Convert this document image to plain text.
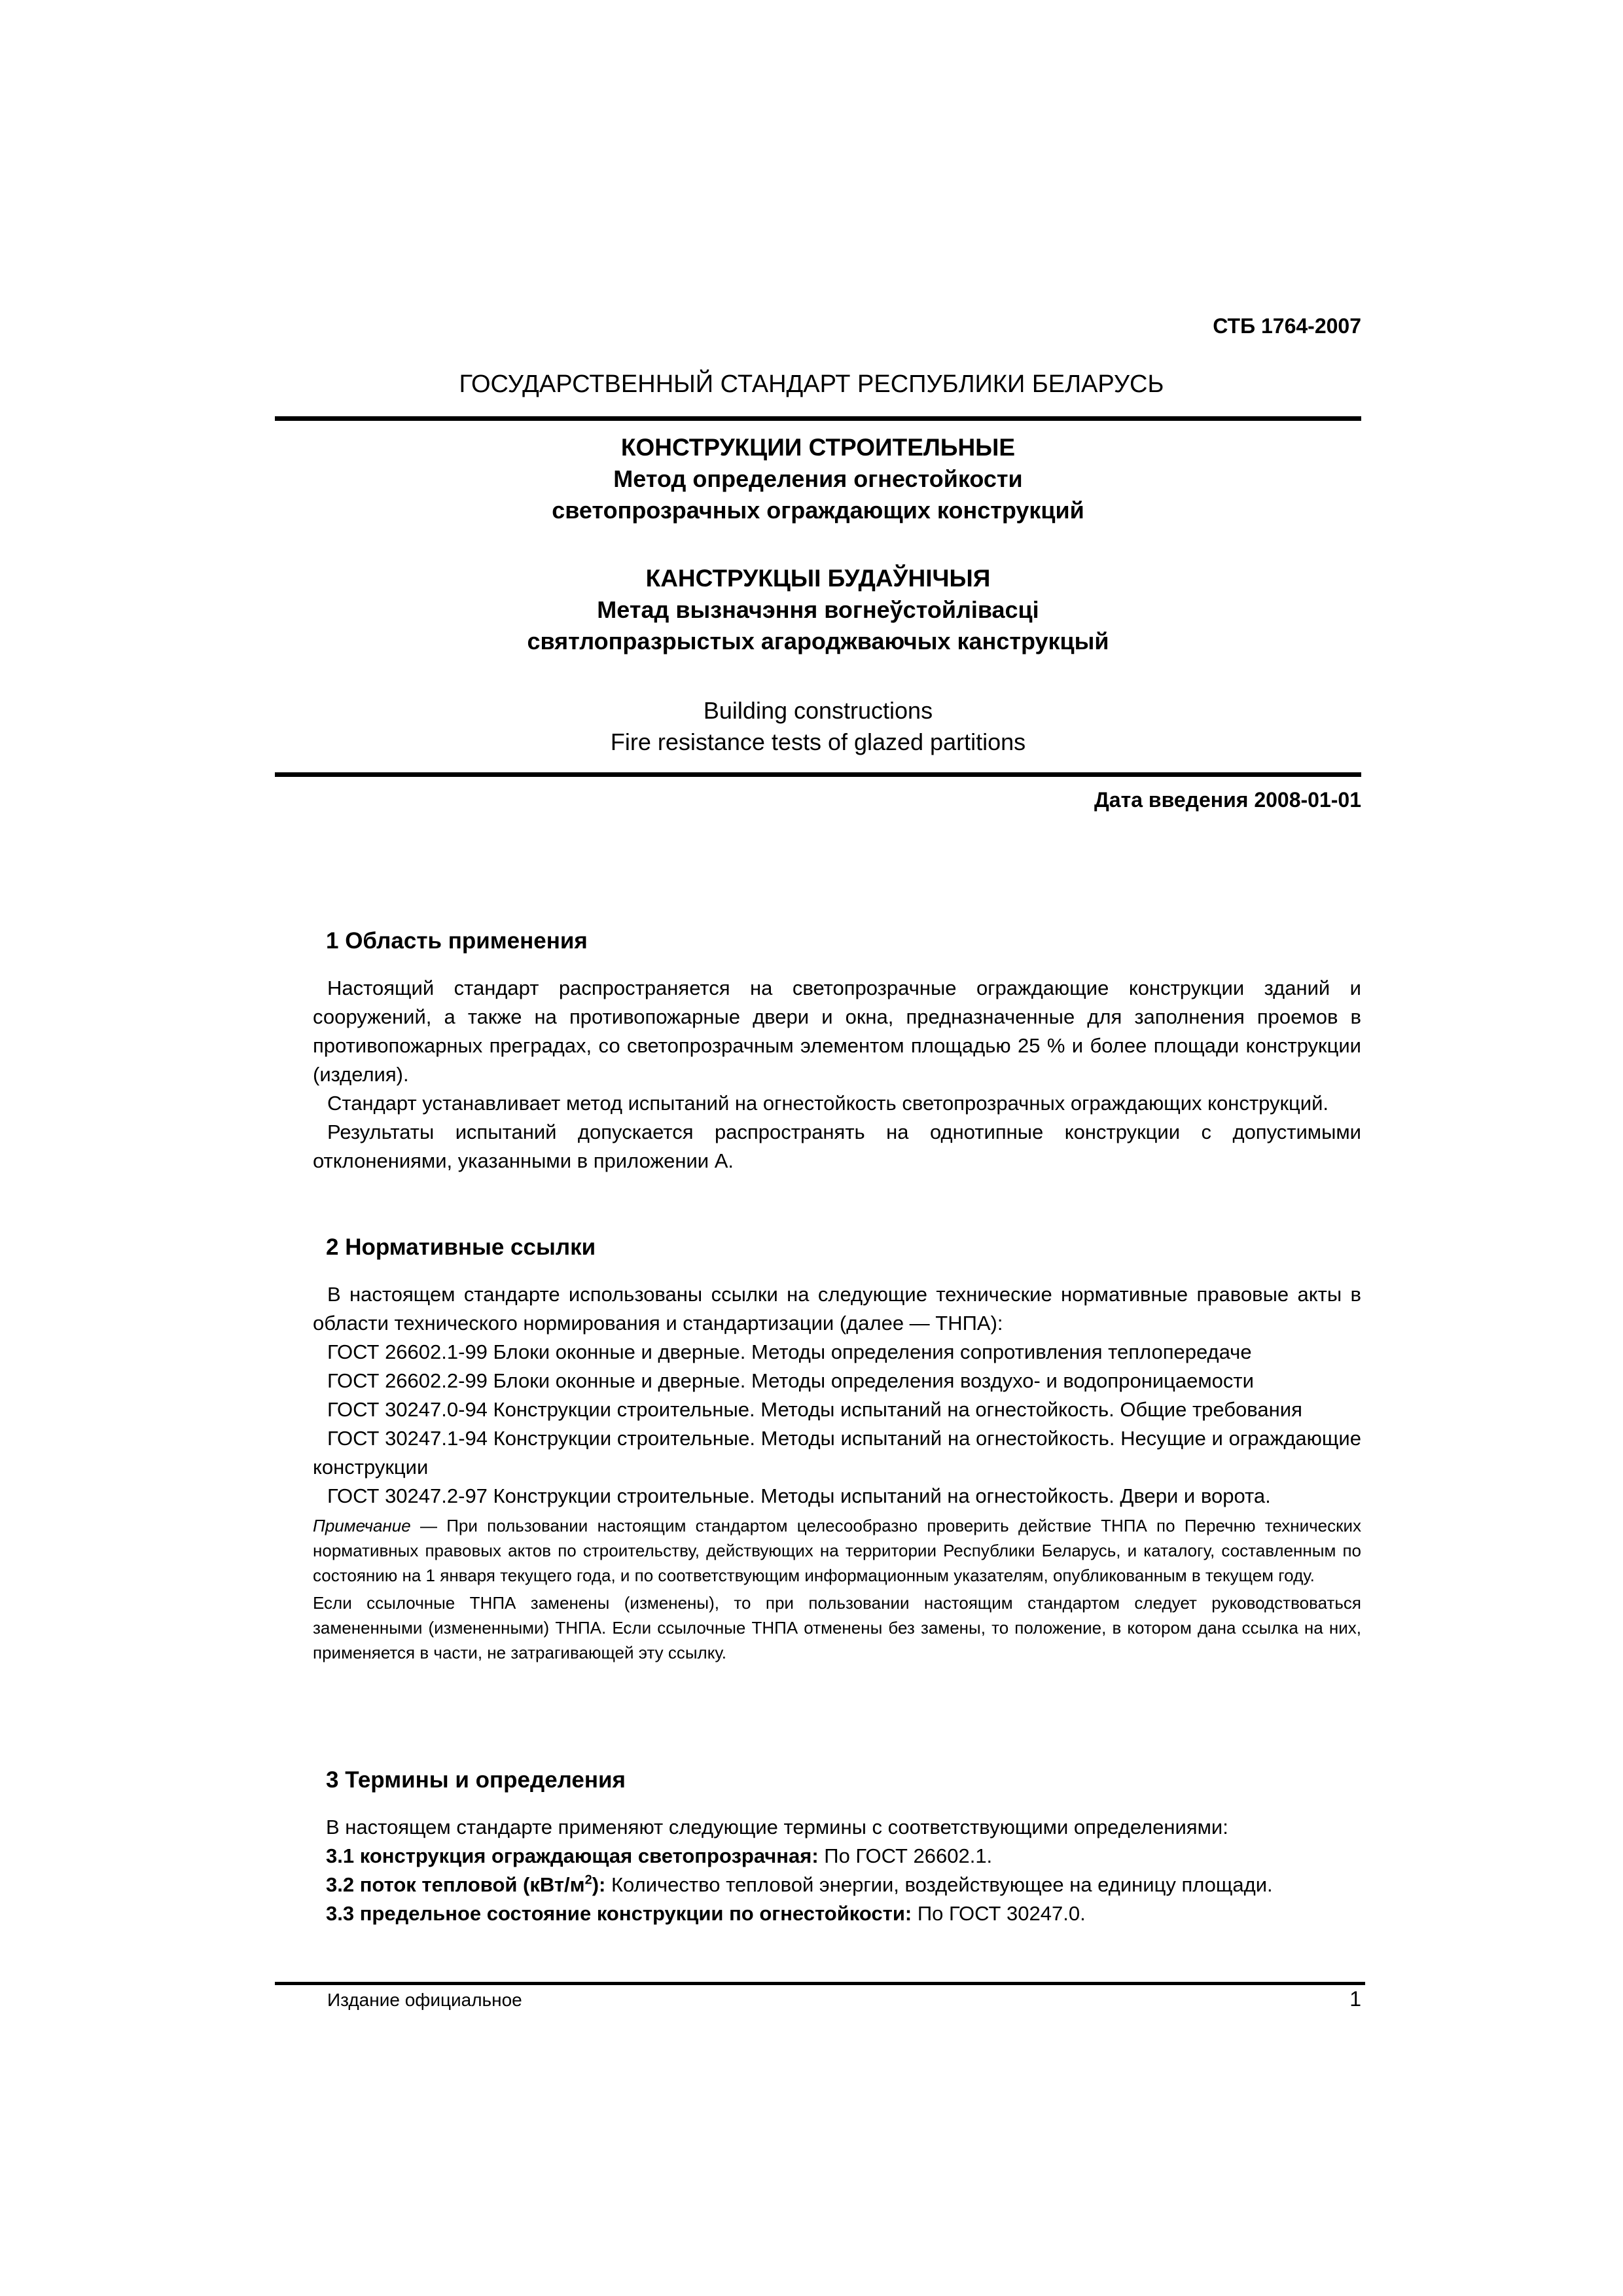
СТБ 1764-2007
ГОСУДАРСТВЕННЫЙ СТАНДАРТ РЕСПУБЛИКИ БЕЛАРУСЬ
КОНСТРУКЦИИ СТРОИТЕЛЬНЫЕ
Метод определения огнестойкости
светопрозрачных ограждающих конструкций
КАНСТРУКЦЫІ БУДАЎНІЧЫЯ
Метад вызначэння вогнеўстойлівасці
святлопразрыстых агароджваючых канструкцый
Building constructions
Fire resistance tests of glazed partitions
Дата введения 2008-01-01
1 Область применения

Настоящий стандарт распространяется на светопрозрачные ограждающие конструкции зданий и сооружений, а также на противопожарные двери и окна, предназначенные для заполнения проемов в противопожарных преградах, со светопрозрачным элементом площадью 25 % и более площади конструкции (изделия).

Стандарт устанавливает метод испытаний на огнестойкость светопрозрачных ограждающих конструкций.

Результаты испытаний допускается распространять на однотипные конструкции с допустимыми отклонениями, указанными в приложении А.

2 Нормативные ссылки

В настоящем стандарте использованы ссылки на следующие технические нормативные правовые акты в области технического нормирования и стандартизации (далее — ТНПА):

ГОСТ 26602.1-99 Блоки оконные и дверные. Методы определения сопротивления теплопередаче

ГОСТ 26602.2-99 Блоки оконные и дверные. Методы определения воздухо- и водопроницаемости

ГОСТ 30247.0-94 Конструкции строительные. Методы испытаний на огнестойкость. Общие требования

ГОСТ 30247.1-94 Конструкции строительные. Методы испытаний на огнестойкость. Несущие и ограждающие конструкции

ГОСТ 30247.2-97 Конструкции строительные. Методы испытаний на огнестойкость. Двери и ворота.

Примечание — При пользовании настоящим стандартом целесообразно проверить действие ТНПА по Перечню технических нормативных правовых актов по строительству, действующих на территории Республики Беларусь, и каталогу, составленным по состоянию на 1 января текущего года, и по соответствующим информационным указателям, опубликованным в текущем году.

Если ссылочные ТНПА заменены (изменены), то при пользовании настоящим стандартом следует руководствоваться замененными (измененными) ТНПА. Если ссылочные ТНПА отменены без замены, то положение, в котором дана ссылка на них, применяется в части, не затрагивающей эту ссылку.

3 Термины и определения

В настоящем стандарте применяют следующие термины с соответствующими определениями:

3.1 конструкция ограждающая светопрозрачная: По ГОСТ 26602.1.

3.2 поток тепловой $(кВт/м^2)$: Количество тепловой энергии, воздействующее на единицу площади.

3.3 предельное состояние конструкции по огнестойкости: По ГОСТ 30247.0.

Издание официальное	1
